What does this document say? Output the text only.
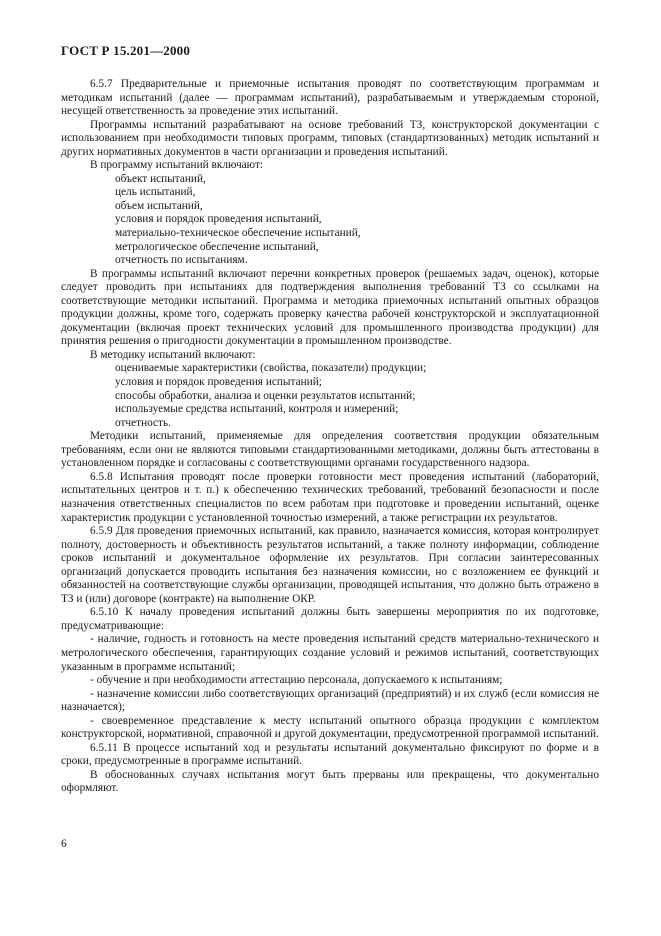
ГОСТ Р 15.201—2000

6.5.7 Предварительные и приемочные испытания проводят по соответствующим программам и методикам испытаний (далее — программам испытаний), разрабатываемым и утверждаемым стороной, несущей ответственность за проведение этих испытаний.

Программы испытаний разрабатывают на основе требований ТЗ, конструкторской документации с использованием при необходимости типовых программ, типовых (стандартизованных) методик испытаний и других нормативных документов в части организации и проведения испытаний.

В программу испытаний включают:

объект испытаний,
цель испытаний,
объем испытаний,
условия и порядок проведения испытаний,
материально-техническое обеспечение испытаний,
метрологическое обеспечение испытаний,
отчетность по испытаниям.

В программы испытаний включают перечни конкретных проверок (решаемых задач, оценок), которые следует проводить при испытаниях для подтверждения выполнения требований ТЗ со ссылками на соответствующие методики испытаний. Программа и методика приемочных испытаний опытных образцов продукции должны, кроме того, содержать проверку качества рабочей конструкторской и эксплуатационной документации (включая проект технических условий для промышленного производства продукции) для принятия решения о пригодности документации в промышленном производстве.

В методику испытаний включают:

оцениваемые характеристики (свойства, показатели) продукции;
условия и порядок проведения испытаний;
способы обработки, анализа и оценки результатов испытаний;
используемые средства испытаний, контроля и измерений;
отчетность.

Методики испытаний, применяемые для определения соответствия продукции обязательным требованиям, если они не являются типовыми стандартизованными методиками, должны быть аттестованы в установленном порядке и согласованы с соответствующими органами государственного надзора.

6.5.8 Испытания проводят после проверки готовности мест проведения испытаний (лабораторий, испытательных центров и т. п.) к обеспечению технических требований, требований безопасности и после назначения ответственных специалистов по всем работам при подготовке и проведении испытаний, оценке характеристик продукции с установленной точностью измерений, а также регистрации их результатов.

6.5.9 Для проведения приемочных испытаний, как правило, назначается комиссия, которая контролирует полноту, достоверность и объективность результатов испытаний, а также полноту информации, соблюдение сроков испытаний и документальное оформление их результатов. При согласии заинтересованных организаций допускается проводить испытания без назначения комиссии, но с возложением ее функций и обязанностей на соответствующие службы организации, проводящей испытания, что должно быть отражено в ТЗ и (или) договоре (контракте) на выполнение ОКР.

6.5.10 К началу проведения испытаний должны быть завершены мероприятия по их подготовке, предусматривающие:

- наличие, годность и готовность на месте проведения испытаний средств материально-технического и метрологического обеспечения, гарантирующих создание условий и режимов испытаний, соответствующих указанным в программе испытаний;

- обучение и при необходимости аттестацию персонала, допускаемого к испытаниям;

- назначение комиссии либо соответствующих организаций (предприятий) и их служб (если комиссия не назначается);

- своевременное представление к месту испытаний опытного образца продукции с комплектом конструкторской, нормативной, справочной и другой документации, предусмотренной программой испытаний.

6.5.11 В процессе испытаний ход и результаты испытаний документально фиксируют по форме и в сроки, предусмотренные в программе испытаний.

В обоснованных случаях испытания могут быть прерваны или прекращены, что документально оформляют.

6
